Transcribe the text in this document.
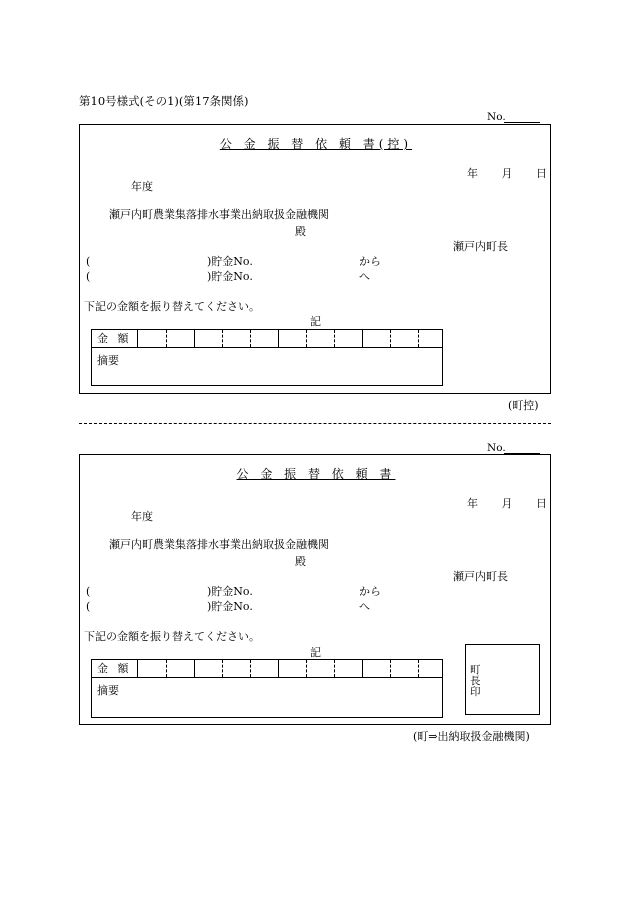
第10号様式(その1)(第17条関係)
No.
公 金 振 替 依 頼 書(控)
年 月 日
年度
瀬戸内町農業集落排水事業出納取扱金融機関
殿
瀬戸内町長
(	)貯金No.	から
(	)貯金No.	へ
下記の金額を振り替えてください。
記
金 額
摘要
(町控)
No.
公 金 振 替 依 頼 書
年 月 日
年度
瀬戸内町農業集落排水事業出納取扱金融機関
殿
瀬戸内町長
(	)貯金No.	から
(	)貯金No.	へ
下記の金額を振り替えてください。
記
金 額
摘要
町長印
(町⇒出納取扱金融機関)
